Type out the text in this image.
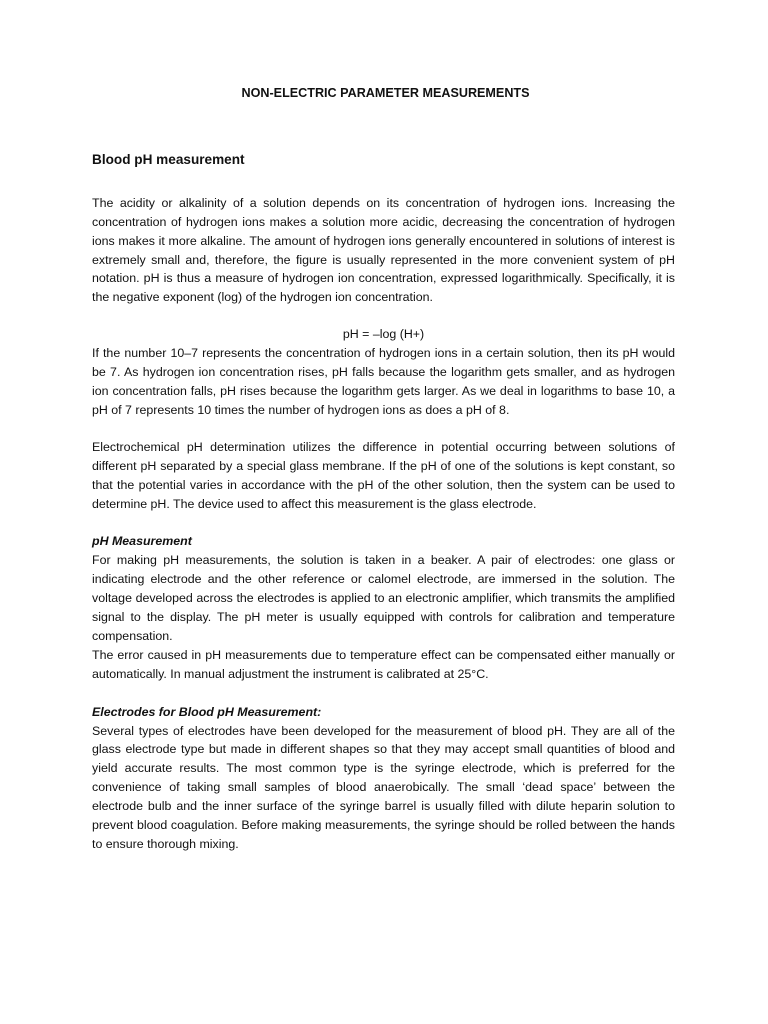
NON-ELECTRIC PARAMETER MEASUREMENTS

Blood pH measurement

The acidity or alkalinity of a solution depends on its concentration of hydrogen ions. Increasing the concentration of hydrogen ions makes a solution more acidic, decreasing the concentration of hydrogen ions makes it more alkaline. The amount of hydrogen ions generally encountered in solutions of interest is extremely small and, therefore, the figure is usually represented in the more convenient system of pH notation. pH is thus a measure of hydrogen ion concentration, expressed logarithmically. Specifically, it is the negative exponent (log) of the hydrogen ion concentration.

pH = –log (H+)

If the number 10–7 represents the concentration of hydrogen ions in a certain solution, then its pH would be 7. As hydrogen ion concentration rises, pH falls because the logarithm gets smaller, and as hydrogen ion concentration falls, pH rises because the logarithm gets larger. As we deal in logarithms to base 10, a pH of 7 represents 10 times the number of hydrogen ions as does a pH of 8.

Electrochemical pH determination utilizes the difference in potential occurring between solutions of different pH separated by a special glass membrane. If the pH of one of the solutions is kept constant, so that the potential varies in accordance with the pH of the other solution, then the system can be used to determine pH. The device used to affect this measurement is the glass electrode.

pH Measurement

For making pH measurements, the solution is taken in a beaker. A pair of electrodes: one glass or indicating electrode and the other reference or calomel electrode, are immersed in the solution. The voltage developed across the electrodes is applied to an electronic amplifier, which transmits the amplified signal to the display. The pH meter is usually equipped with controls for calibration and temperature compensation.

The error caused in pH measurements due to temperature effect can be compensated either manually or automatically. In manual adjustment the instrument is calibrated at 25°C.

Electrodes for Blood pH Measurement:

Several types of electrodes have been developed for the measurement of blood pH. They are all of the glass electrode type but made in different shapes so that they may accept small quantities of blood and yield accurate results. The most common type is the syringe electrode, which is preferred for the convenience of taking small samples of blood anaerobically. The small ‘dead space’ between the electrode bulb and the inner surface of the syringe barrel is usually filled with dilute heparin solution to prevent blood coagulation. Before making measurements, the syringe should be rolled between the hands to ensure thorough mixing.
